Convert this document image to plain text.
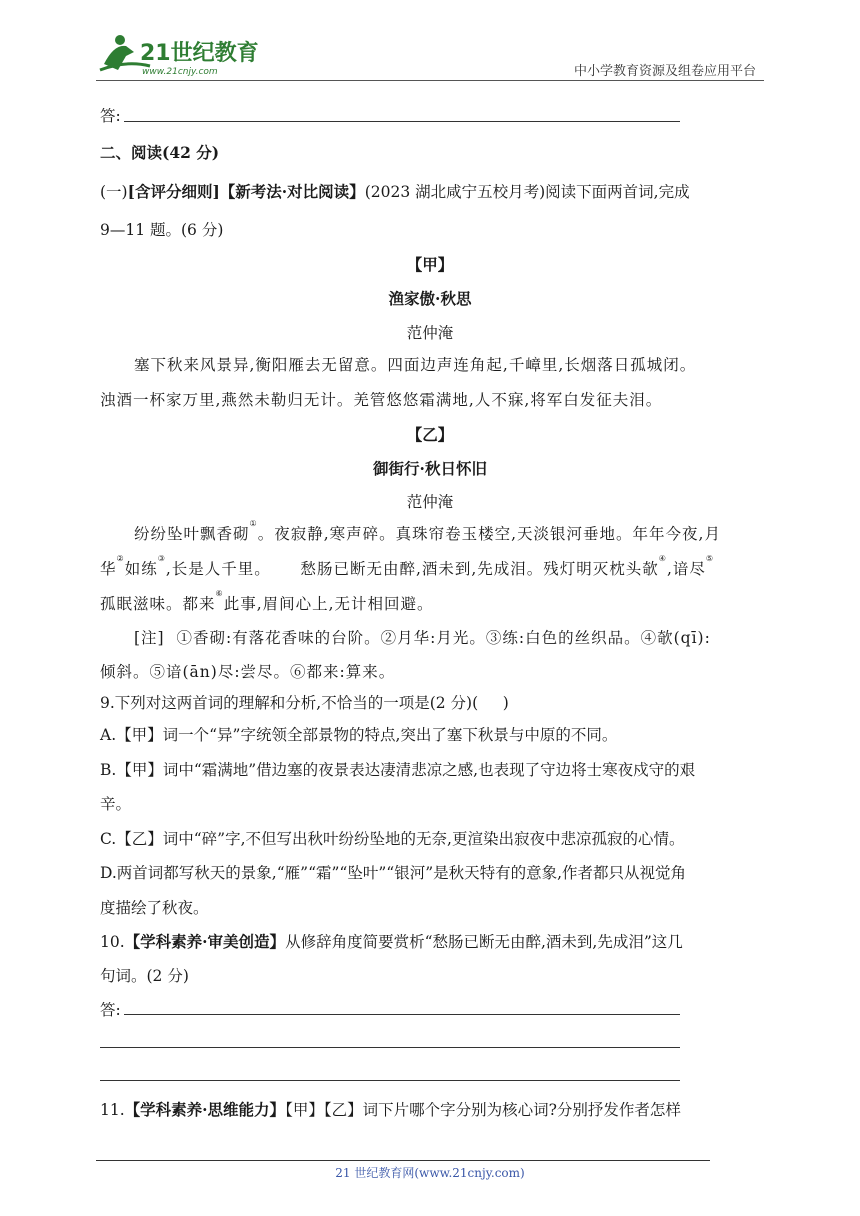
21世纪教育
www.21cnjy.com	中小学教育资源及组卷应用平台
答:
二、阅读(42 分)
(一)[含评分细则]【新考法·对比阅读】(2023 湖北咸宁五校月考)阅读下面两首词,完成
9—11 题。(6 分)
【甲】
渔家傲·秋思
范仲淹
塞下秋来风景异,衡阳雁去无留意。四面边声连角起,千嶂里,长烟落日孤城闭。
浊酒一杯家万里,燕然未勒归无计。羌管悠悠霜满地,人不寐,将军白发征夫泪。
【乙】
御街行·秋日怀旧
范仲淹
纷纷坠叶飘香砌①。夜寂静,寒声碎。真珠帘卷玉楼空,天淡银河垂地。年年今夜,月
华②如练③,长是人千里。     愁肠已断无由醉,酒未到,先成泪。残灯明灭枕头欹④,谙尽⑤
孤眠滋味。都来⑥此事,眉间心上,无计相回避。
[注]  ①香砌:有落花香味的台阶。②月华:月光。③练:白色的丝织品。④欹(qī):
倾斜。⑤谙(ān)尽:尝尽。⑥都来:算来。
9.下列对这两首词的理解和分析,不恰当的一项是(2 分)(     )
A.【甲】词一个“异”字统领全部景物的特点,突出了塞下秋景与中原的不同。
B.【甲】词中“霜满地”借边塞的夜景表达凄清悲凉之感,也表现了守边将士寒夜戍守的艰
辛。
C.【乙】词中“碎”字,不但写出秋叶纷纷坠地的无奈,更渲染出寂夜中悲凉孤寂的心情。
D.两首词都写秋天的景象,“雁”“霜”“坠叶”“银河”是秋天特有的意象,作者都只从视觉角
度描绘了秋夜。
10.【学科素养·审美创造】从修辞角度简要赏析“愁肠已断无由醉,酒未到,先成泪”这几
句词。(2 分)
答:
11.【学科素养·思维能力】【甲】【乙】词下片哪个字分别为核心词?分别抒发作者怎样
21 世纪教育网(www.21cnjy.com)
